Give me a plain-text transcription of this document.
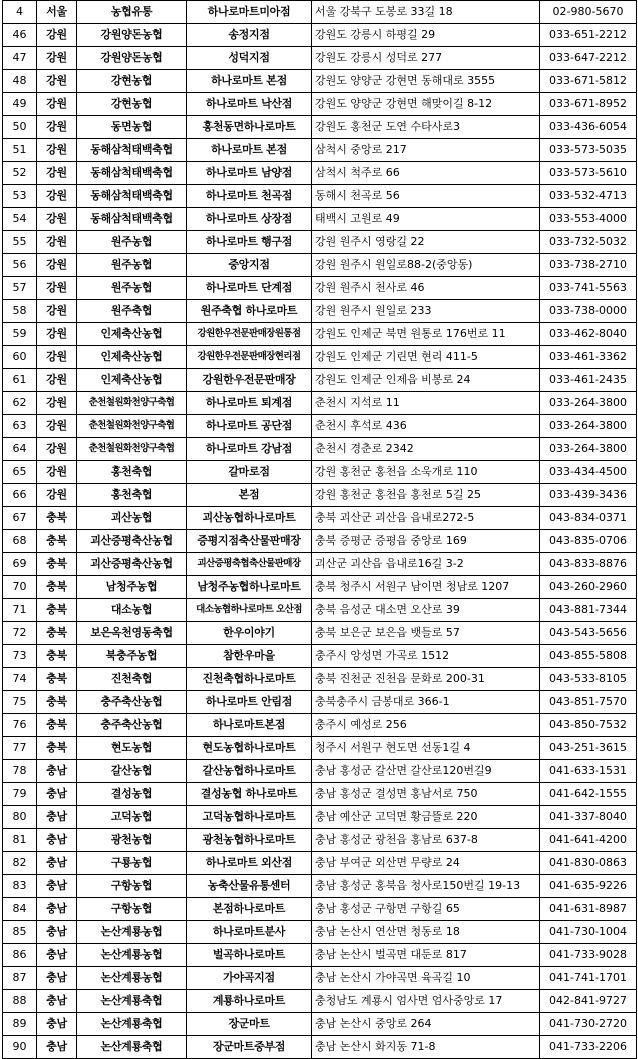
4	서울	농협유통	하나로마트미아점	서울 강북구 도봉로 33길 18	02-980-5670
46	강원	강원양돈농협	송정지점	강원도 강릉시 하평길 29	033-651-2212
47	강원	강원양돈농협	성덕지점	강원도 강릉시 성덕로 277	033-647-2212
48	강원	강현농협	하나로마트 본점	강원도 양양군 강현면 동해대로 3555	033-671-5812
49	강원	강현농협	하나로마트 낙산점	강원도 양양군 강현면 해맞이길 8-12	033-671-8952
50	강원	동면농협	홍천동면하나로마트	강원도 홍천군 도연 수타사로3	033-436-6054
51	강원	동해삼척태백축협	하나로마트 본점	삼척시 중앙로 217	033-573-5035
52	강원	동해삼척태백축협	하나로마트 남양점	삼척시 척주로 66	033-573-5610
53	강원	동해삼척태백축협	하나로마트 천곡점	동해시 천곡로 56	033-532-4713
54	강원	동해삼척태백축협	하나로마트 상장점	태백시 고원로 49	033-553-4000
55	강원	원주농협	하나로마트 행구점	강원 원주시 영랑길 22	033-732-5032
56	강원	원주농협	중앙지점	강원 원주시 원일로88-2(중앙동)	033-738-2710
57	강원	원주농협	하나로마트 단계점	강원 원주시 천사로 46	033-741-5563
58	강원	원주축협	원주축협 하나로마트	강원 원주시 원일로 233	033-738-0000
59	강원	인제축산농협	강원한우전문판매장원통점	강원도 인제군 북면 원통로 176번로 11	033-462-8040
60	강원	인제축산농협	강원한우전문판매장현리점	강원도 인제군 기린면 현리 411-5	033-461-3362
61	강원	인제축산농협	강원한우전문판매장	강원도 인제군 인제읍 비봉로 24	033-461-2435
62	강원	춘천철원화천양구축협	하나로마트 퇴계점	춘천시 지석로 11	033-264-3800
63	강원	춘천철원화천양구축협	하나로마트 공단점	춘천시 후석로 436	033-264-3800
64	강원	춘천철원화천양구축협	하나로마트 강남점	춘천시 경춘로 2342	033-264-3800
65	강원	홍천축협	갈마로점	강원 홍천군 홍천읍 소욱개로 110	033-434-4500
66	강원	홍천축협	본점	강원 홍천군 홍천읍 홍천로 5길 25	033-439-3436
67	충북	괴산농협	괴산농협하나로마트	충북 괴산군 괴산읍 읍내로272-5	043-834-0371
68	충북	괴산증평축산농협	증평지점축산물판매장	충북 증평군 증평읍 중앙로 169	043-835-0706
69	충북	괴산증평축산농협	괴산증평축협축산물판매장	괴산군 괴산읍 읍내로16길 3-2	043-833-8876
70	충북	남청주농협	남청주농협하나로마트	충북 청주시 서원구 남이면 청남로 1207	043-260-2960
71	충북	대소농협	대소농협하나로마트 오산점	충북 음성군 대소면 오산로 39	043-881-7344
72	충북	보은옥천영동축협	한우이야기	충북 보은군 보은읍 뱃들로 57	043-543-5656
73	충북	북충주농협	참한우마을	충주시 앙성면 가곡로 1512	043-855-5808
74	충북	진천축협	진천축협하나로마트	충북 진천군 진천읍 문화로 200-31	043-533-8105
75	충북	충주축산농협	하나로마트 안림점	충북충주시 금봉대로 366-1	043-851-7570
76	충북	충주축산농협	하나로마트본점	충주시 예성로 256	043-850-7532
77	충북	현도농협	현도농협하나로마트	청주시 서원구 현도면 선동1길 4	043-251-3615
78	충남	갈산농협	갈산농협하나로마트	충남 홍성군 갈산면 갈산로120번길9	041-633-1531
79	충남	결성농협	결성농협 하나로마트	충남 홍성군 결성면 홍남서로 750	041-642-1555
80	충남	고덕농협	고덕농협하나로마트	충남 예산군 고덕면 황금뜰로 220	041-337-8040
81	충남	광천농협	광천농협하나로마트	충남 홍성군 광천읍 홍남로 637-8	041-641-4200
82	충남	구룡농협	하나로마트 외산점	충남 부여군 외산면 무량로 24	041-830-0863
83	충남	구항농협	농축산물유통센터	충남 홍성군 홍북읍 청사로150번길 19-13	041-635-9226
84	충남	구항농협	본점하나로마트	충남 홍성군 구항면 구항길 65	041-631-8987
85	충남	논산계룡농협	하나로마트분사	충남 논산시 연산면 청동로 18	041-730-1004
86	충남	논산계룡농협	벌곡하나로마트	충남 논산시 벌곡면 대둔로 817	041-733-9028
87	충남	논산계룡농협	가야곡지점	충남 논산시 가야곡면 육곡길 10	041-741-1701
88	충남	논산계룡축협	계룡하나로마트	충청남도 계룡시 엄사면 엄사중앙로 17	042-841-9727
89	충남	논산계룡축협	장군마트	충남 논산시 중앙로 264	041-730-2720
90	충남	논산계룡축협	장군마트중부점	충남 논산시 화지동 71-8	041-733-2206
